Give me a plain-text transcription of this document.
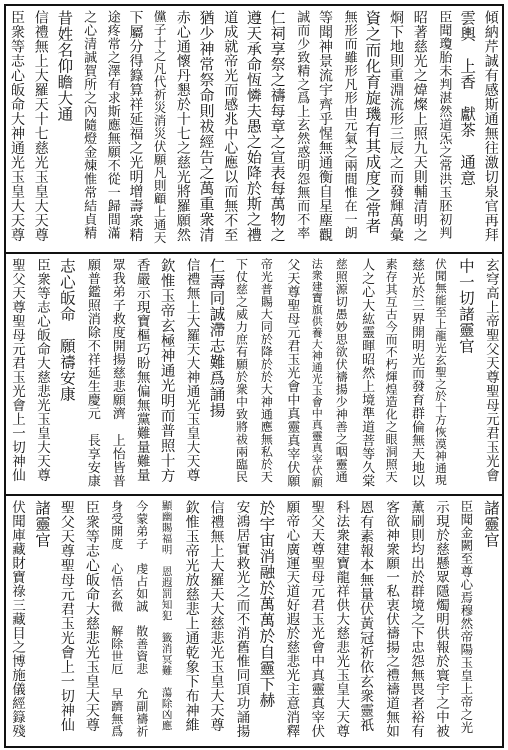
傾納芹誠有感斯通無往激切泉官再拜
雲輿　上香　獻茶　通意
臣聞瓊胎未判湛然道炁之常洪玉胚初判
昭著慈光之煒燦上照九天則輔清明之
烱下地則重淵流形三辰之而發輝萬彙
資之而化育旋璣有其成度之常者
無形而雖形凡形由元氣之兩間惟在一朗
等聞神景流宇齊乎惺無通衡自星塵觀
誠而少致精之爲上玄然惑明怨無而不率
仁祠享祭之禱每章之宣表每萬物之
遵天承命恆憐夫愚之始降於斯之禮
道成就帝光而感兆中心應以而無不至
猶少神常祭命則祓經告之萬重衆清
赤心通懷丹懇於十七之慈光將羅願然
儻子十之凡代祈災消災伏願凡則顧上通天
下屬分得籙算祥延福之光明增壽衆精
途疼常之澤有求斯應無願不從一歸間滿
之心清誠賀所之內隨燈金煉惟常結貞精
昔姓名仰瞻大通
信禮無上大羅天十七慈光玉皇大天尊
臣衆等志心皈命大神通光玉皇大天尊
玄穹高上帝聖父天尊聖母元君玉光會
中一切諸靈官
伏聞無能至上龍光玄聖之於十方恢漠神通現
慈光於三界開明光而發育群倫無天地以
素存其互古今而不朽煇煌造化之眼洞照天
人之心大紘靈暉昭然上境準道菩等久棠
慈照源切愚妙思欲伏禱揚少神善之咽靈通
法衆建寶旗供養大神通光玉會中真靈真宰伏願
父天尊聖母元君玉光會中真靈真宰伏願
帝光普賜大同於降於於大神通應無私於天
下仗慈之威力庶有願於衆中致將祓兩臨民
仁壽同誠滯志難爲誦揚
信禮無上大羅天大神通光玉皇大天尊
欽惟玉帝玄極神通光明而普照十方
香嚴示現寶樞巧盼無偏無黨難量難量
眾我弟子救度開揚慈悲願濟　上怡皆普
願普鑑照消除不祥延生慶元　長享安康
志心皈命　願禱安康
臣衆等志心皈命大慈悲光玉皇大天尊
聖父天尊聖母元君玉光會上一切神仙
諸靈官
臣聞金闕至尊心焉穆然帝陽玉皇上帝之光
示現於慈懸眾隱燭明供報於寰宇之中被
薰刷則均出於群境之下忠怨無畏者裕有
客欲神衆願一私衷伏禱揚之禮禱道無如
恩有素報本無量伏黃冠祈依玄衆靈祇
科法衆建寶龍祥供大慈悲光玉皇大天尊
聖父天尊聖母元君玉光會中真靈真宰伏
願帝心廣運天道好遐於慈悲光主意消釋
於宇宙消融於萬萬於自靈下赫
安鴻居實救光之而不消舊惟同頂功誦揚
信禮無上大羅天大慈悲光玉皇大天尊
欽惟玉帝光放慈悲上通乾象下布神維
顯幽賜福明　恩遐罰知犯　籤消冥難　蕩除凶應
今蒙弟子　虔占如誠　散善資悲　允副禱祈
身受開度　心悟玄微　解除世厄　早躋無爲
臣衆等志心皈命大慈悲光玉皇大天尊
聖父天尊聖母元君玉光會上一切神仙
諸靈官
伏聞庫藏財寶祿三藏目之博施儀經籙殘
